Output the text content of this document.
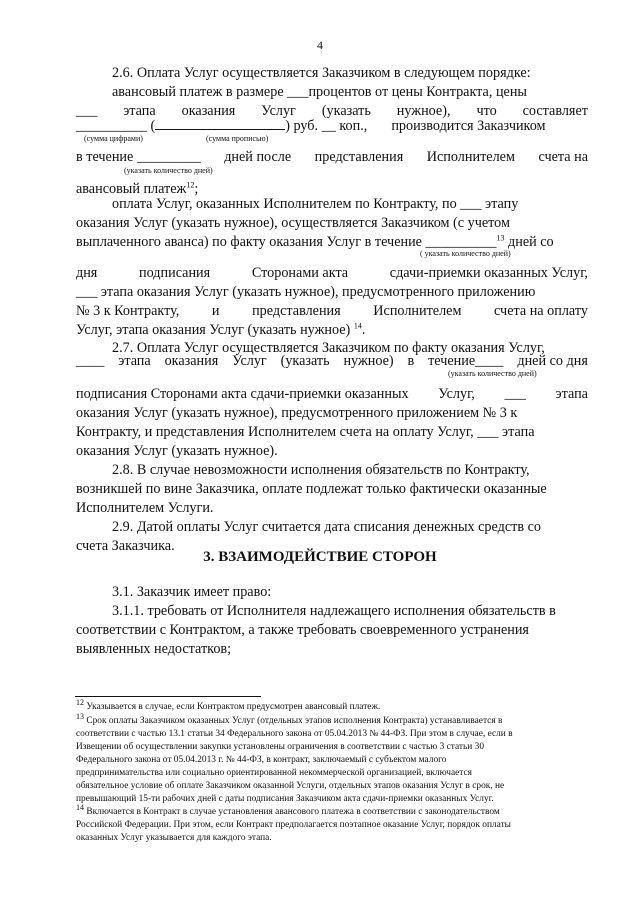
4
2.6. Оплата Услуг осуществляется Заказчиком в следующем порядке:
авансовый платеж в размере ___процентов от цены Контракта, цены
___ этапа оказания Услуг (указать нужное), что составляет
__________ (	) руб. __ коп., производится Заказчиком
(сумма цифрами)	(сумма прописью)
в течение _________ дней после представления Исполнителем счета на
(указать количество дней)
авансовый платеж$^{12}$;
оплата Услуг, оказанных Исполнителем по Контракту, по ___ этапу
оказания Услуг (указать нужное), осуществляется Заказчиком (с учетом
выплаченного аванса) по факту оказания Услуг в течение __________$^{13}$ дней со
( указать количество дней)
дня	подписания	Сторонами акта	сдачи-приемки оказанных Услуг,
___ этапа оказания Услуг (указать нужное), предусмотренного приложению
№ 3 к Контракту, и представления Исполнителем счета на оплату
Услуг, этапа оказания Услуг (указать нужное) $^{14}$.
2.7. Оплата Услуг осуществляется Заказчиком по факту оказания Услуг,
____ этапа оказания Услуг (указать нужное) в течение____ дней со дня
(указать количество дней)
подписания Сторонами акта сдачи-приемки оказанных Услуг, ___ этапа
оказания Услуг (указать нужное), предусмотренного приложением № 3 к
Контракту, и представления Исполнителем счета на оплату Услуг, ___ этапа
оказания Услуг (указать нужное).
2.8. В случае невозможности исполнения обязательств по Контракту,
возникшей по вине Заказчика, оплате подлежат только фактически оказанные
Исполнителем Услуги.
2.9. Датой оплаты Услуг считается дата списания денежных средств со
счета Заказчика.
3. ВЗАИМОДЕЙСТВИЕ СТОРОН
3.1. Заказчик имеет право:
3.1.1. требовать от Исполнителя надлежащего исполнения обязательств в
соответствии с Контрактом, а также требовать своевременного устранения
выявленных недостатков;
$^{12}$ Указывается в случае, если Контрактом предусмотрен авансовый платеж.
$^{13}$ Срок оплаты Заказчиком оказанных Услуг (отдельных этапов исполнения Контракта) устанавливается в
соответствии с частью 13.1 статьи 34 Федерального закона от 05.04.2013 № 44-ФЗ. При этом в случае, если в
Извещении об осуществлении закупки установлены ограничения в соответствии с частью 3 статьи 30
Федерального закона от 05.04.2013 г. № 44-ФЗ, в контракт, заключаемый с субъектом малого
предпринимательства или социально ориентированной некоммерческой организацией, включается
обязательное условие об оплате Заказчиком оказанной Услуги, отдельных этапов оказания Услуг в срок, не
превышающий 15-ти рабочих дней с даты подписания Заказчиком акта сдачи-приемки оказанных Услуг.
$^{14}$ Включается в Контракт в случае установления авансового платежа в соответствии с законодательством
Российской Федерации. При этом, если Контракт предполагается поэтапное оказание Услуг, порядок оплаты
оказанных Услуг указывается для каждого этапа.
